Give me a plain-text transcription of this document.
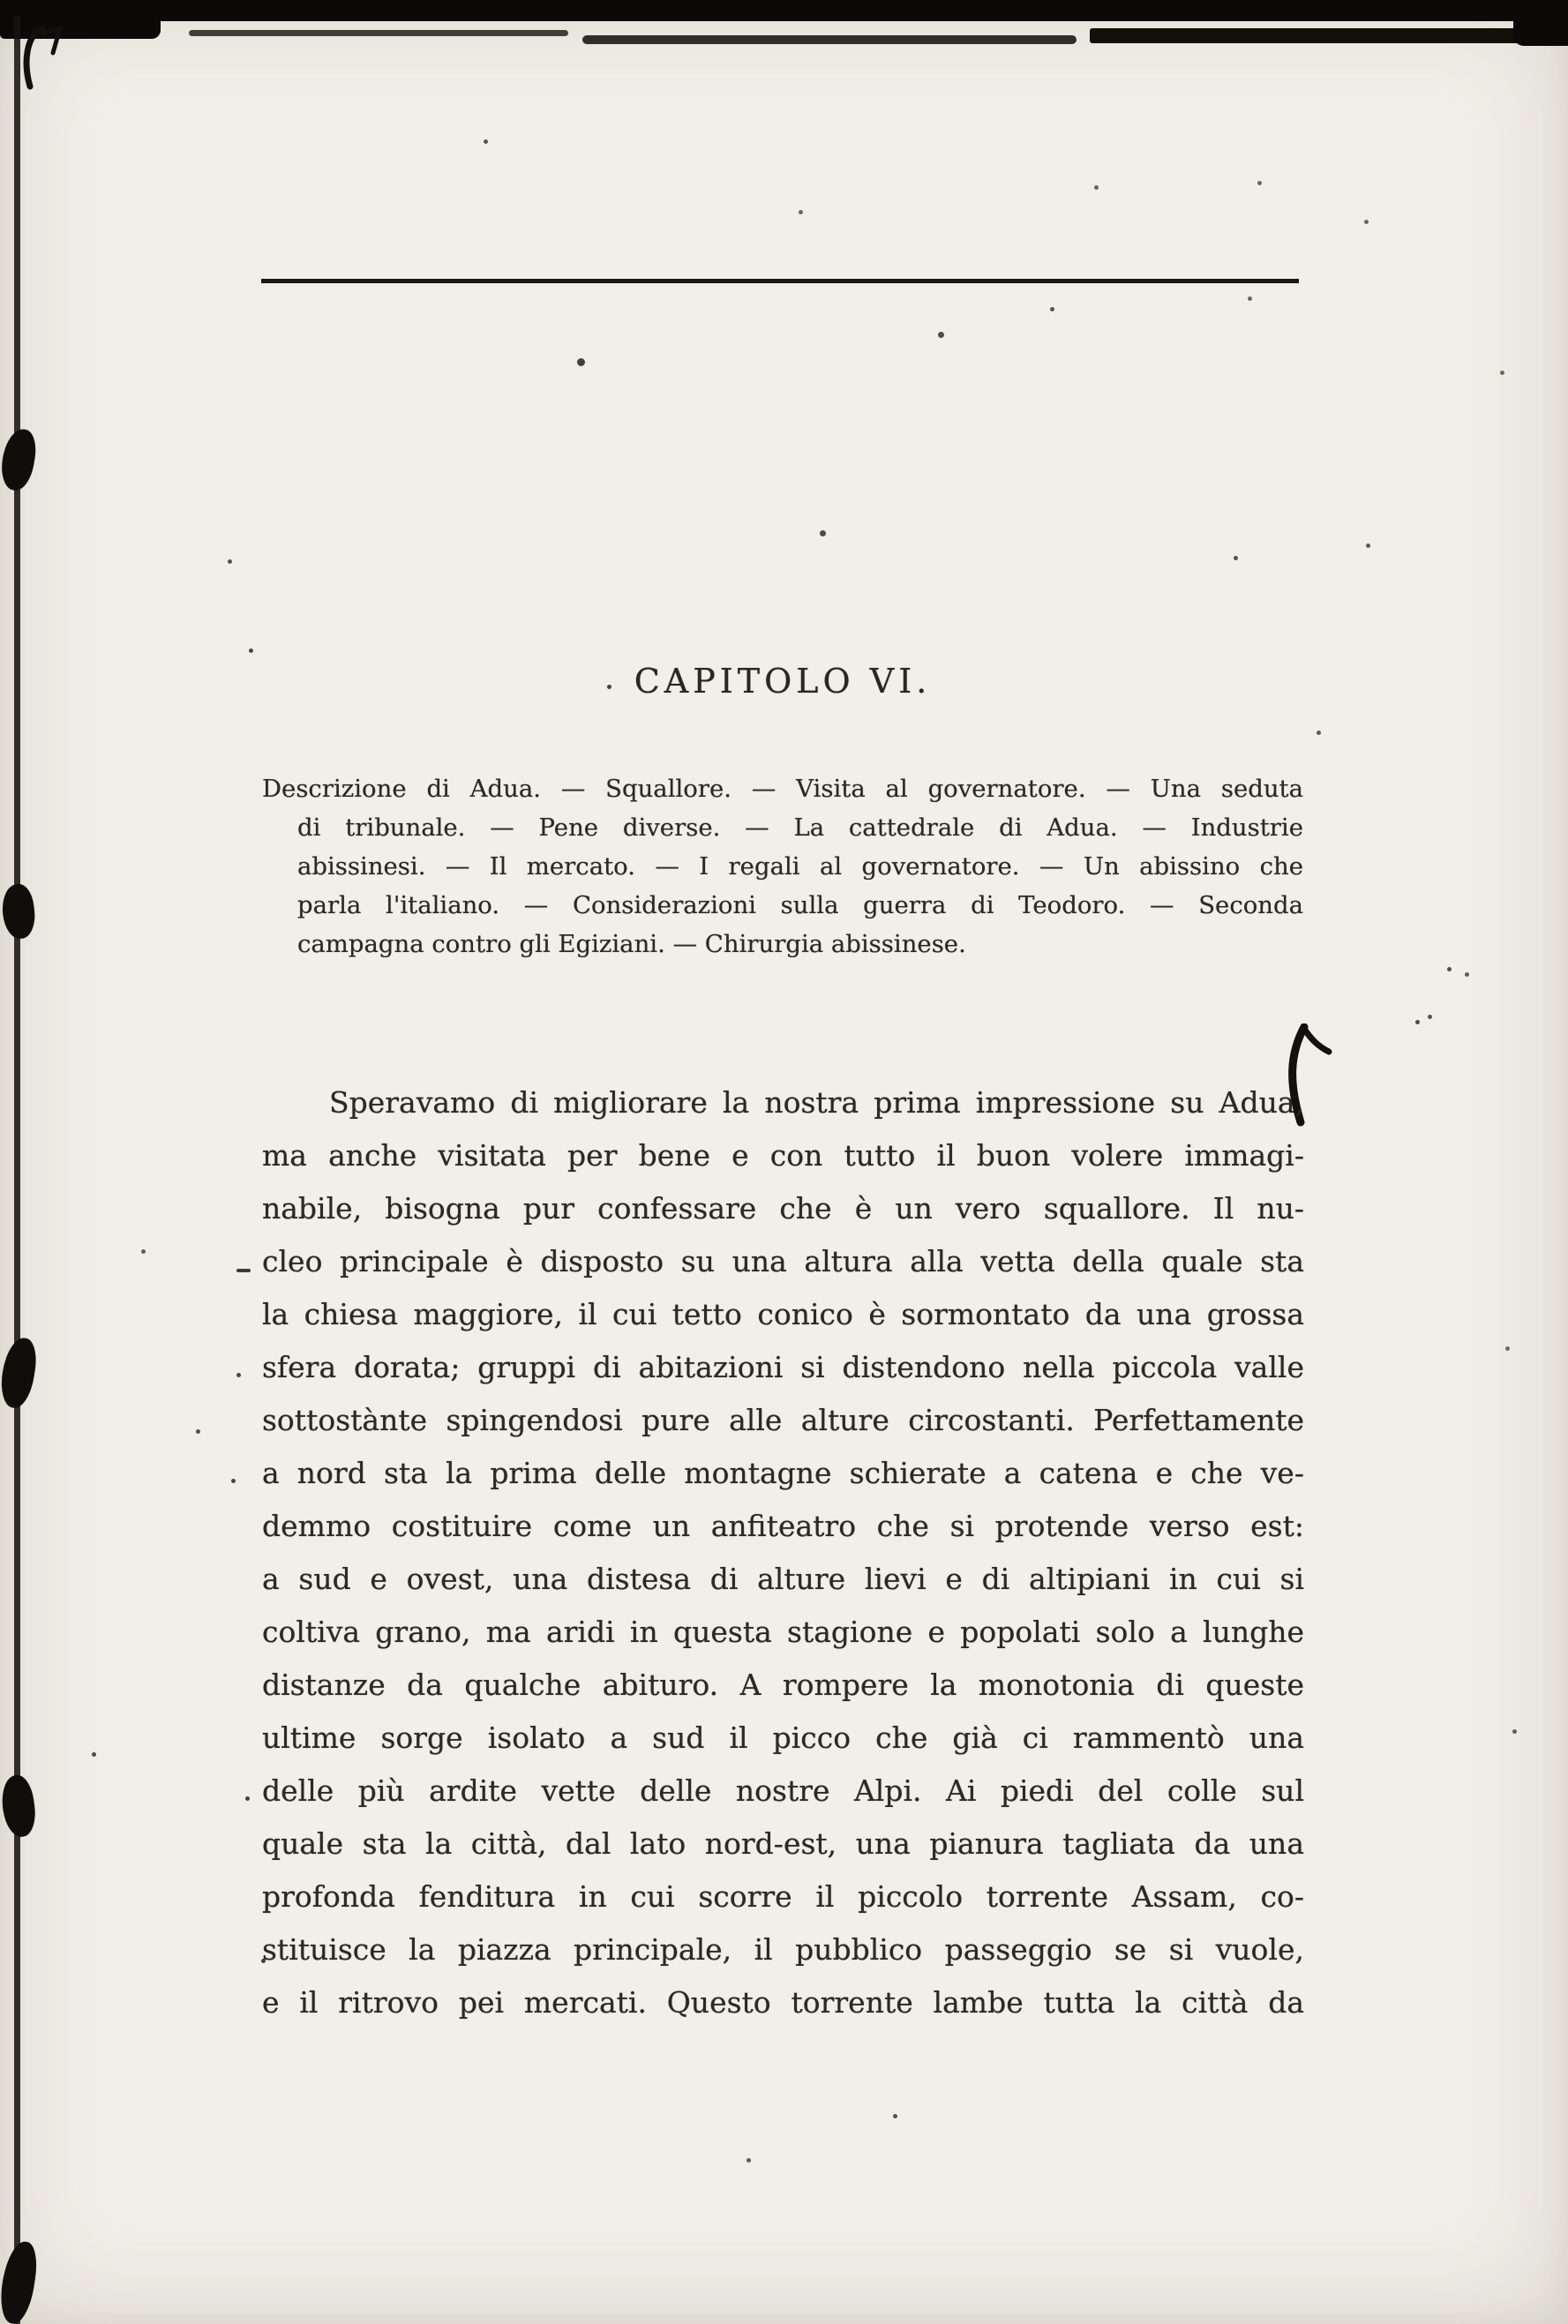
CAPITOLO VI.
Descrizione di Adua. — Squallore. — Visita al governatore. — Una seduta
di tribunale. — Pene diverse. — La cattedrale di Adua. — Industrie
abissinesi. — Il mercato. — I regali al governatore. — Un abissino che
parla l'italiano. — Considerazioni sulla guerra di Teodoro. — Seconda
campagna contro gli Egiziani. — Chirurgia abissinese.
Speravamo di migliorare la nostra prima impressione su Adua,
ma anche visitata per bene e con tutto il buon volere immagi-
nabile, bisogna pur confessare che è un vero squallore. Il nu-
cleo principale è disposto su una altura alla vetta della quale sta
la chiesa maggiore, il cui tetto conico è sormontato da una grossa
sfera dorata; gruppi di abitazioni si distendono nella piccola valle
sottostànte spingendosi pure alle alture circostanti. Perfettamente
a nord sta la prima delle montagne schierate a catena e che ve-
demmo costituire come un anfiteatro che si protende verso est:
a sud e ovest, una distesa di alture lievi e di altipiani in cui si
coltiva grano, ma aridi in questa stagione e popolati solo a lunghe
distanze da qualche abituro. A rompere la monotonia di queste
ultime sorge isolato a sud il picco che già ci rammentò una
delle più ardite vette delle nostre Alpi. Ai piedi del colle sul
quale sta la città, dal lato nord-est, una pianura tagliata da una
profonda fenditura in cui scorre il piccolo torrente Assam, co-
stituisce la piazza principale, il pubblico passeggio se si vuole,
e il ritrovo pei mercati. Questo torrente lambe tutta la città da
